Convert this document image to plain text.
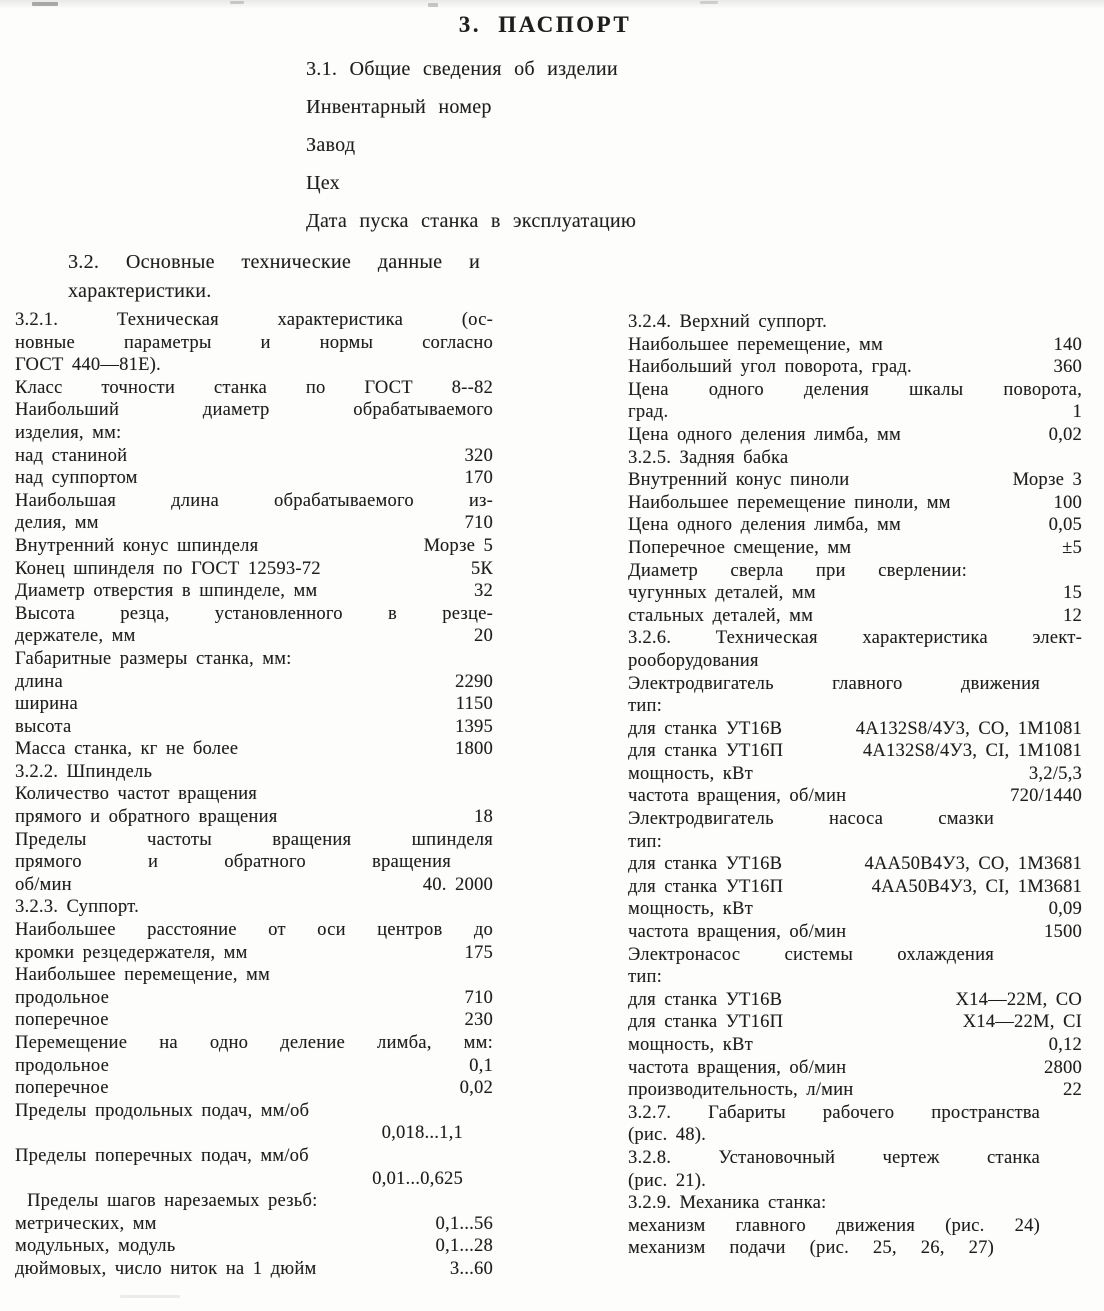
3. ПАСПОРТ
3.1. Общие сведения об изделии
Инвентарный номер
Завод
Цех
Дата пуска станка в эксплуатацию
3.2. Основные технические данные и
характеристики.
3.2.1. Техническая характеристика (ос-
новные параметры и нормы согласно
ГОСТ 440—81Е).
Класс точности станка по ГОСТ 8--82
Наибольший диаметр обрабатываемого
изделия, мм:
над станиной	320
над суппортом	170
Наибольшая длина обрабатываемого из-
делия, мм	710
Внутренний конус шпинделя	Морзе 5
Конец шпинделя по ГОСТ 12593-72	5К
Диаметр отверстия в шпинделе, мм	32
Высота резца, установленного в резце-
держателе, мм	20
Габаритные размеры станка, мм:
длина	2290
ширина	1150
высота	1395
Масса станка, кг не более	1800
3.2.2. Шпиндель
Количество частот вращения
прямого и обратного вращения	18
Пределы частоты вращения шпинделя
прямого и обратного вращения
об/мин	40. 2000
3.2.3. Суппорт.
Наибольшее расстояние от оси центров до
кромки резцедержателя, мм	175
Наибольшее перемещение, мм
продольное	710
поперечное	230
Перемещение на одно деление лимба, мм:
продольное	0,1
поперечное	0,02
Пределы продольных подач, мм/об
0,018...1,1
Пределы поперечных подач, мм/об
0,01...0,625
Пределы шагов нарезаемых резьб:
метрических, мм	0,1...56
модульных, модуль	0,1...28
дюймовых, число ниток на 1 дюйм	3...60
3.2.4. Верхний суппорт.
Наибольшее перемещение, мм	140
Наибольший угол поворота, град.	360
Цена одного деления шкалы поворота,
град.	1
Цена одного деления лимба, мм	0,02
3.2.5. Задняя бабка
Внутренний конус пиноли	Морзе 3
Наибольшее перемещение пиноли, мм	100
Цена одного деления лимба, мм	0,05
Поперечное смещение, мм	±5
Диаметр сверла при сверлении:
чугунных деталей, мм	15
стальных деталей, мм	12
3.2.6. Техническая характеристика элект-
рооборудования
Электродвигатель главного движения
тип:
для станка УТ16В	4А132S8/4У3, СО, 1М1081
для станка УТ16П	4А132S8/4У3, СI, 1М1081
мощность, кВт	3,2/5,3
частота вращения, об/мин	720/1440
Электродвигатель насоса смазки
тип:
для станка УТ16В	4АА50В4У3, СО, 1М3681
для станка УТ16П	4АА50В4У3, СI, 1М3681
мощность, кВт	0,09
частота вращения, об/мин	1500
Электронасос системы охлаждения
тип:
для станка УТ16В	Х14—22М, СО
для станка УТ16П	Х14—22М, СI
мощность, кВт	0,12
частота вращения, об/мин	2800
производительность, л/мин	22
3.2.7. Габариты рабочего пространства
(рис. 48).
3.2.8. Установочный чертеж станка
(рис. 21).
3.2.9. Механика станка:
механизм главного движения (рис. 24)
механизм подачи (рис. 25, 26, 27)
